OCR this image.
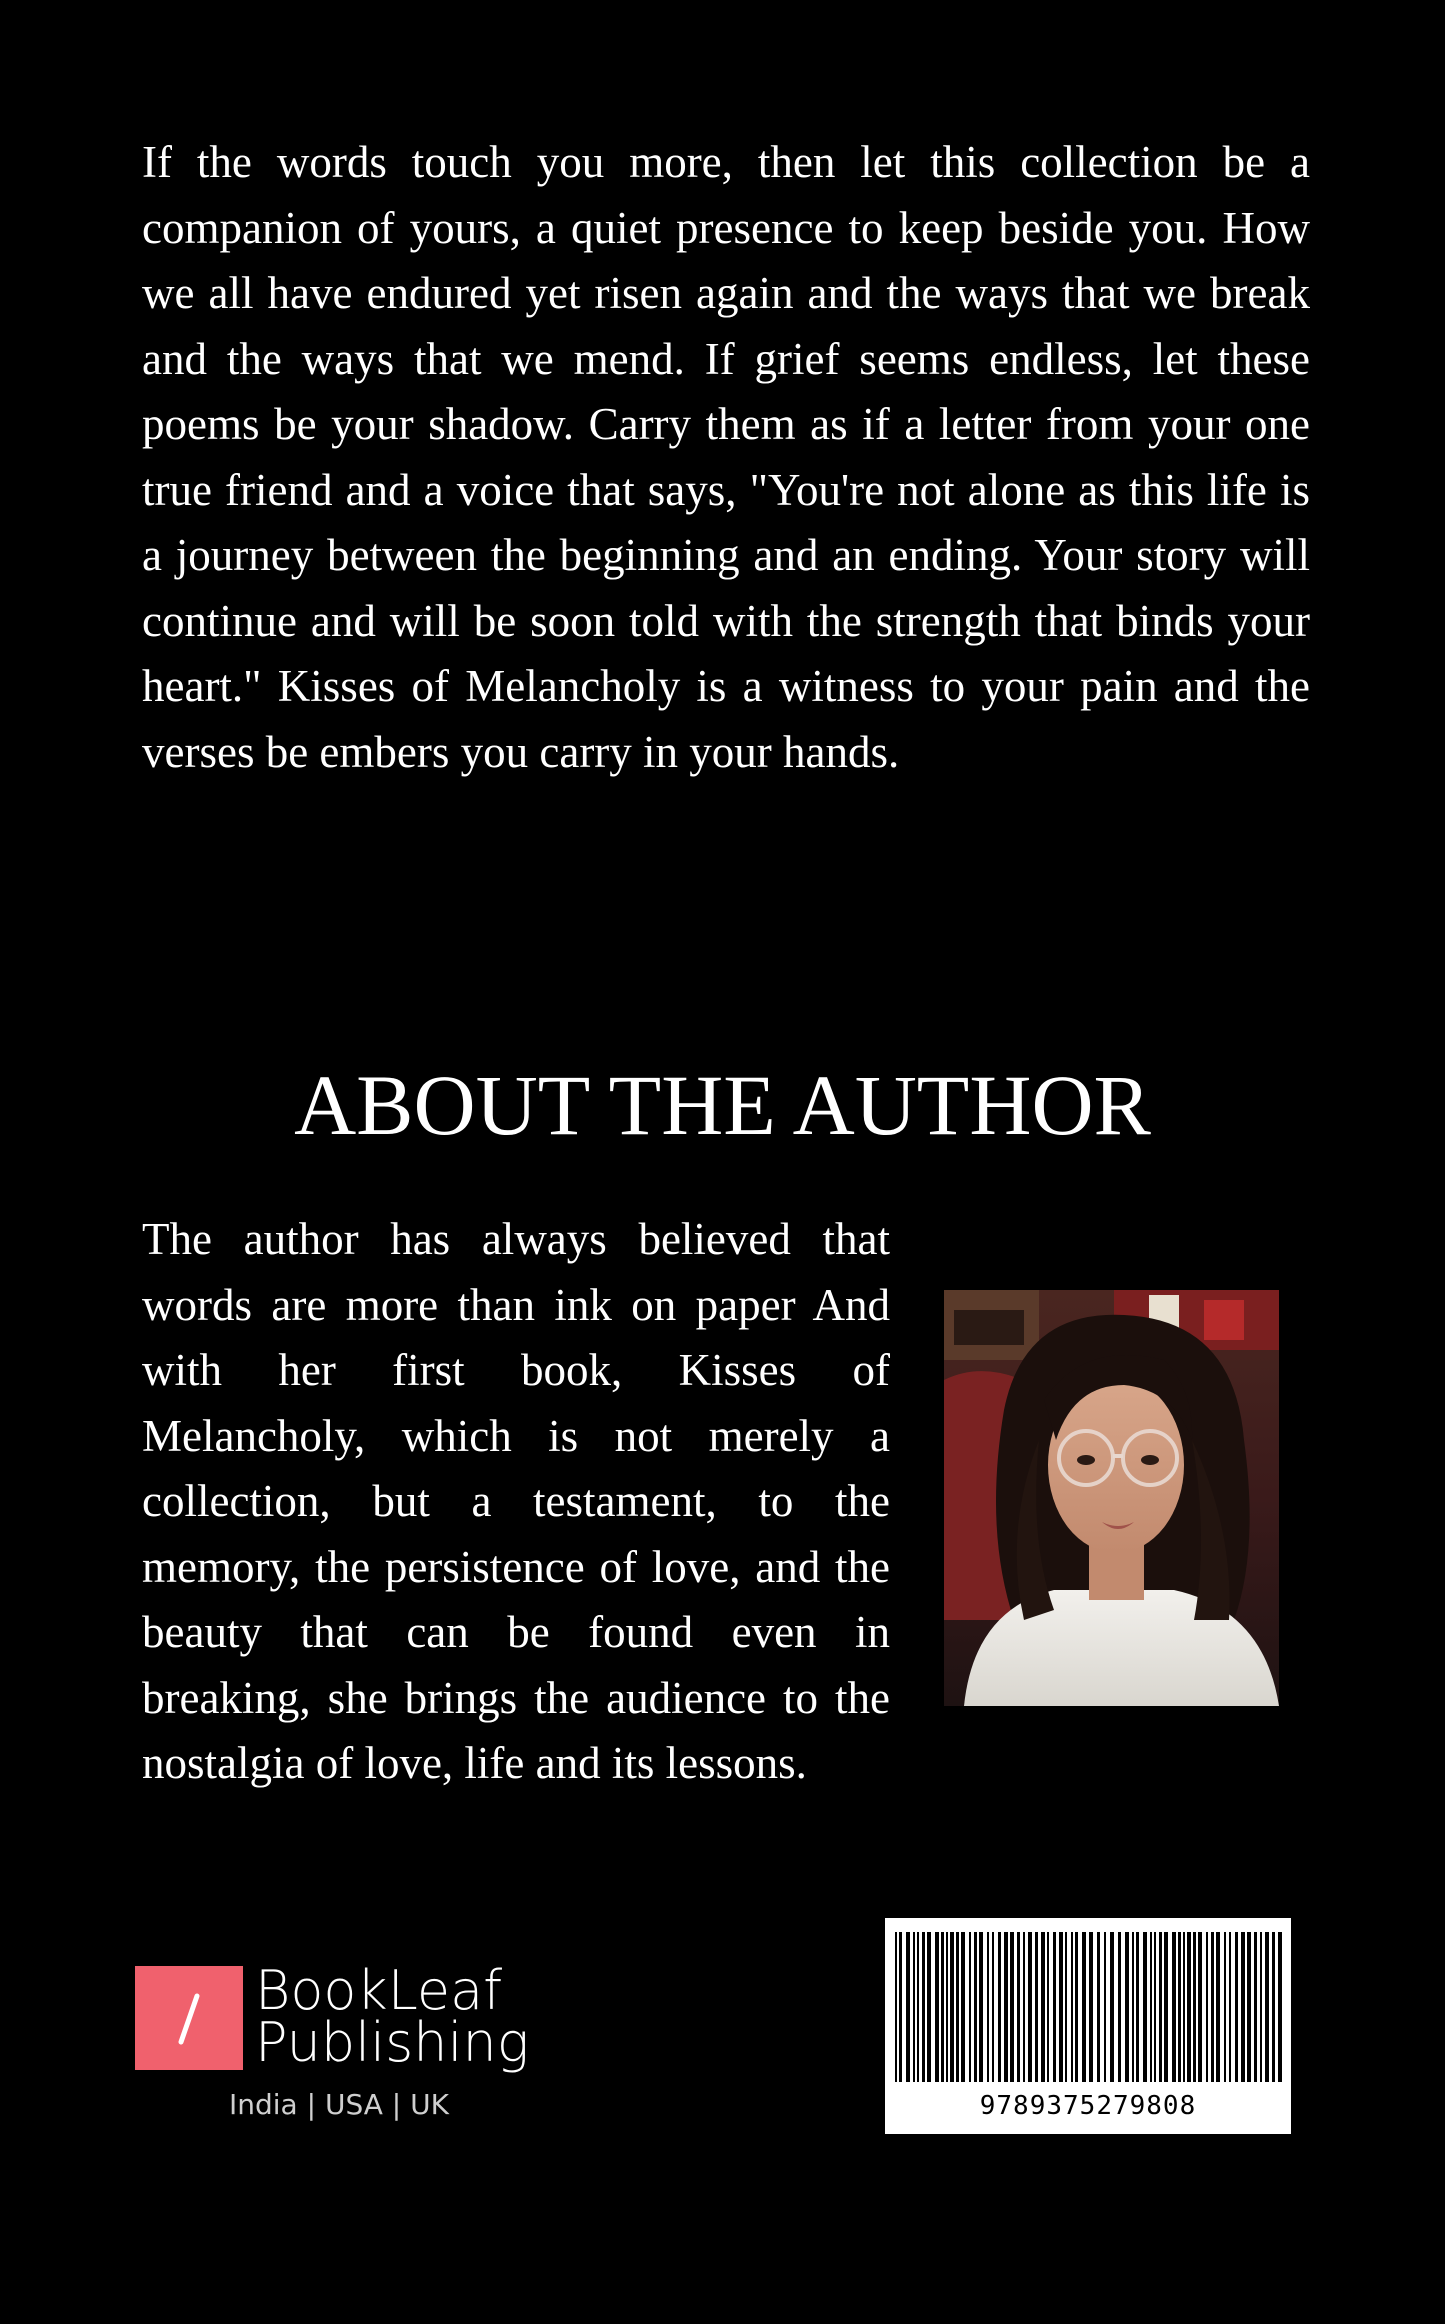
If the words touch you more, then let this collection be a companion of yours, a quiet presence to keep beside you. How we all have endured yet risen again and the ways that we break and the ways that we mend. If grief seems endless, let these poems be your shadow. Carry them as if a letter from your one true friend and a voice that says, "You're not alone as this life is a journey between the beginning and an ending. Your story will continue and will be soon told with the strength that binds your heart." Kisses of Melancholy is a witness to your pain and the verses be embers you carry in your hands.

ABOUT THE AUTHOR

The author has always believed that words are more than ink on paper And with her first book, Kisses of Melancholy, which is not merely a collection, but a testament, to the memory, the persistence of love, and the beauty that can be found even in breaking, she brings the audience to the nostalgia of love, life and its lessons.

BookLeaf
Publishing
India | USA | UK	9789375279808
